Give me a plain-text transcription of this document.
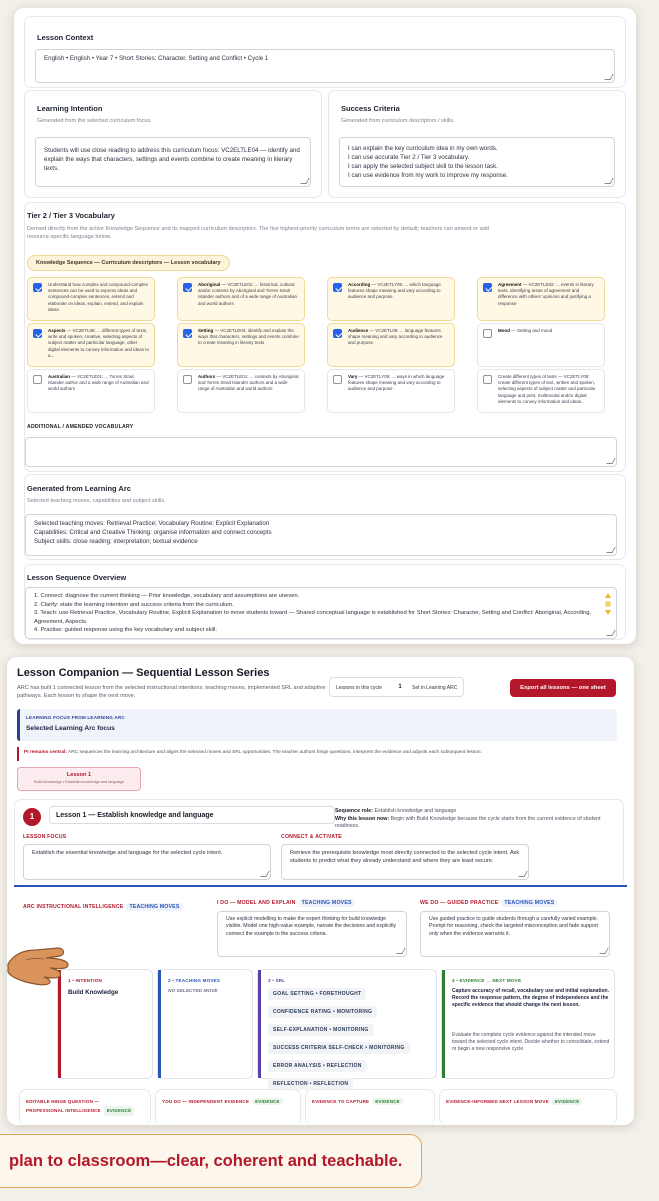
Lesson Context
English • English • Year 7 • Short Stories: Character, Setting and Conflict • Cycle 1
Learning Intention
Generated from the selected curriculum focus.
Students will use close reading to address this curriculum focus: VC2ELTLE04 — identify and explain the ways that characters, settings and events combine to create meaning in literary texts.
Success Criteria
Generated from curriculum descriptors / skills.
I can explain the key curriculum idea in my own words.
I can use accurate Tier 2 / Tier 3 vocabulary.
I can apply the selected subject skill to the lesson task.
I can use evidence from my work to improve my response.
Tier 2 / Tier 3 Vocabulary
Derived directly from the active Knowledge Sequence and its mapped curriculum descriptors. The five highest-priority curriculum terms are selected by default; teachers can amend or add resource-specific language below.
Knowledge Sequence — Curriculum descriptors — Lesson vocabulary
Understand how complex and compound-complex sentences can be used to express ideas and compound-complex sentences, extend and elaborate on ideas, explain, extend, and explain ideas.
Aboriginal — VC2ETLE01: ... historical, cultural and/or contexts by Aboriginal and Torres Strait Islander authors and of a wide range of Australian and world authors
According — VC2ETLY05: ... which language features shape meaning and vary according to audience and purpose
Agreement — VC2ETLE02: ... events in literary texts, identifying areas of agreement and difference with others' opinions and justifying a response
Aspects — VC2ETL08: ... different types of texts, write and spoken, creative, selecting aspects of subject matter and particular language, other digital elements to convey information and ideas to a...
Setting — VC2ETLE04: identify and explain the ways that characters, settings and events combine to create meaning in literary texts
Audience — VC2ETL05: ... language features shape meaning and vary according to audience and purpose
Mood — Setting and mood
Australian — VC2ETLE01: ... Torres Strait Islander author and a wide range of Australian and world authors
Authors — VC2ETLE01: ... contexts by Aboriginal and Torres Strait Islander authors and a wide range of Australian and world authors
Vary — VC2ETLY05: ... ways in which language features shape meaning and vary according to audience and purpose
Create different types of texts — VC2ETLY08: create different types of text, written and spoken, selecting aspects of subject matter and particular language and print, multimodal and/or digital elements to convey information and ideas...
ADDITIONAL / AMENDED VOCABULARY
Generated from Learning Arc
Selected teaching moves, capabilities and subject skills.
Selected teaching moves: Retrieval Practice; Vocabulary Routine; Explicit Explanation
Capabilities: Critical and Creative Thinking: organise information and connect concepts
Subject skills: close reading; interpretation; textual evidence
Lesson Sequence Overview
1. Connect: diagnose the current thinking — Prior knowledge, vocabulary and assumptions are uneven.
2. Clarify: state the learning intention and success criteria from the curriculum.
3. Teach: use Retrieval Practice, Vocabulary Routine, Explicit Explanation to move students toward — Shared conceptual language is established for Short Stories: Character, Setting and Conflict: Aboriginal, According, Agreement, Aspects.
4. Practise: guided response using the key vocabulary and subject skill.
Lesson Companion — Sequential Lesson Series
ARC has built 1 connected lesson from the selected instructional intentions, teaching moves, implemented SRL and adaptive pathways. Each lesson to shape the next move.
Lessons in this cycle	1	Set in Learning ARC	Export all lessons — one sheet
LEARNING FOCUS FROM LEARNING ARC
Selected Learning Arc focus
PI remains central: ARC sequences the learning architecture and aligns the selected moves and SRL opportunities. The teacher authors hinge questions, interprets the evidence and adjusts each subsequent lesson.
Lesson 1
Build knowledge • Establish knowledge and language
1	Lesson 1 — Establish knowledge and language
Sequence role: Establish knowledge and language
Why this lesson now: Begin with Build Knowledge because the cycle starts from the current evidence of student readiness.
LESSON FOCUS
Establish the essential knowledge and language for the selected cycle intent.
CONNECT & ACTIVATE
Retrieve the prerequisite knowledge most directly connected to the selected cycle intent. Ask students to predict what they already understand and where they are least secure.
ARC INSTRUCTIONAL INTELLIGENCE TEACHING MOVES
I DO — MODEL AND EXPLAIN TEACHING MOVES
Use explicit modelling to make the expert thinking for build knowledge visible. Model one high-value example, narrate the decisions and explicitly connect the example to the success criteria.
WE DO — GUIDED PRACTICE TEACHING MOVES
Use guided practice to guide students through a carefully varied example. Prompt for reasoning, check the targeted misconception and fade support only when the evidence warrants it.
1 • INTENTION
Build Knowledge
2 • TEACHING MOVES
NO SELECTED MOVE
3 • SRL
GOAL SETTING • FORETHOUGHT
CONFIDENCE RATING • MONITORING
SELF-EXPLANATION • MONITORING
SUCCESS CRITERIA SELF-CHECK • MONITORING
ERROR ANALYSIS • REFLECTION
REFLECTION • REFLECTION
4 • EVIDENCE → NEXT MOVE
Capture accuracy of recall, vocabulary use and initial explanation. Record the response pattern, the degree of independence and the specific evidence that should change the next lesson.
Evaluate the complete cycle evidence against the intended move toward the selected cycle intent. Decide whether to consolidate, extend or begin a new responsive cycle.
EDITABLE HINGE QUESTION —
PROFESSIONAL INTELLIGENCE EVIDENCE
YOU DO — INDEPENDENT EVIDENCE EVIDENCE	EVIDENCE TO CAPTURE EVIDENCE	EVIDENCE-INFORMED NEXT LESSON MOVE EVIDENCE
plan to classroom—clear, coherent and teachable.
